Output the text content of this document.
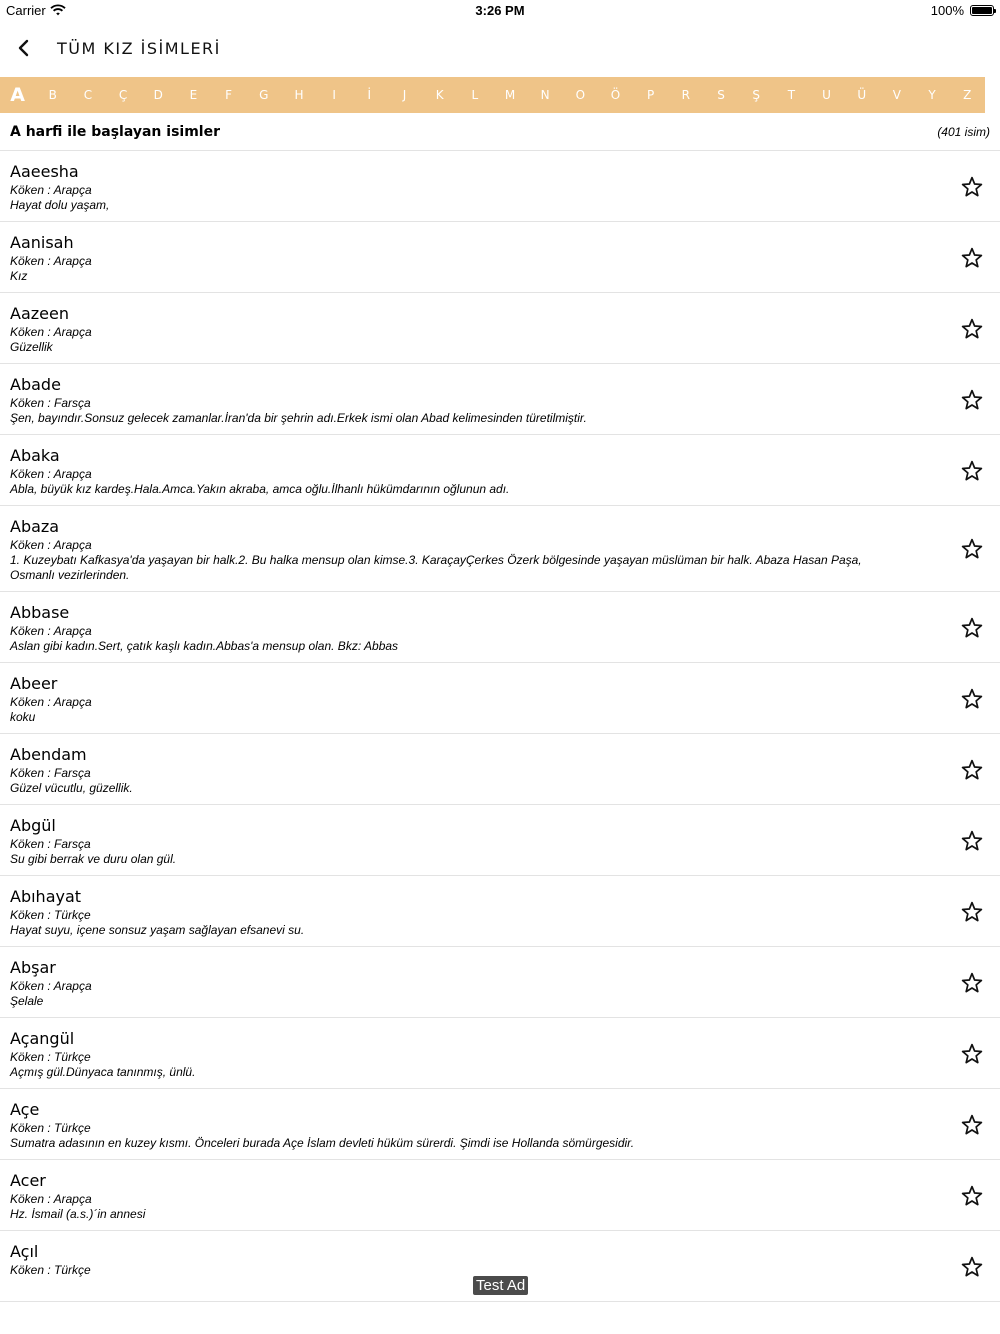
Carrier	3:26 PM	100%
TÜM KIZ İSİMLERİ
A	B	C	Ç	D	E	F	G	H	I	İ	J	K	L	M	N	O	Ö	P	R	S	Ş	T	U	Ü	V	Y	Z
A harfi ile başlayan isimler	(401 isim)
Aaeesha
Köken : Arapça
Hayat dolu yaşam,
Aanisah
Köken : Arapça
Kız
Aazeen
Köken : Arapça
Güzellik
Abade
Köken : Farsça
Şen, bayındır.Sonsuz gelecek zamanlar.İran'da bir şehrin adı.Erkek ismi olan Abad kelimesinden türetilmiştir.
Abaka
Köken : Arapça
Abla, büyük kız kardeş.Hala.Amca.Yakın akraba, amca oğlu.İlhanlı hükümdarının oğlunun adı.
Abaza
Köken : Arapça
1. Kuzeybatı Kafkasya'da yaşayan bir halk.2. Bu halka mensup olan kimse.3. KaraçayÇerkes Özerk bölgesinde yaşayan müslüman bir halk. Abaza Hasan Paşa, Osmanlı vezirlerinden.
Abbase
Köken : Arapça
Aslan gibi kadın.Sert, çatık kaşlı kadın.Abbas'a mensup olan. Bkz: Abbas
Abeer
Köken : Arapça
koku
Abendam
Köken : Farsça
Güzel vücutlu, güzellik.
Abgül
Köken : Farsça
Su gibi berrak ve duru olan gül.
Abıhayat
Köken : Türkçe
Hayat suyu, içene sonsuz yaşam sağlayan efsanevi su.
Abşar
Köken : Arapça
Şelale
Açangül
Köken : Türkçe
Açmış gül.Dünyaca tanınmış, ünlü.
Açe
Köken : Türkçe
Sumatra adasının en kuzey kısmı. Önceleri burada Açe İslam devleti hüküm sürerdi. Şimdi ise Hollanda sömürgesidir.
Acer
Köken : Arapça
Hz. İsmail (a.s.)´in annesi
Açıl
Köken : Türkçe
Test Ad
